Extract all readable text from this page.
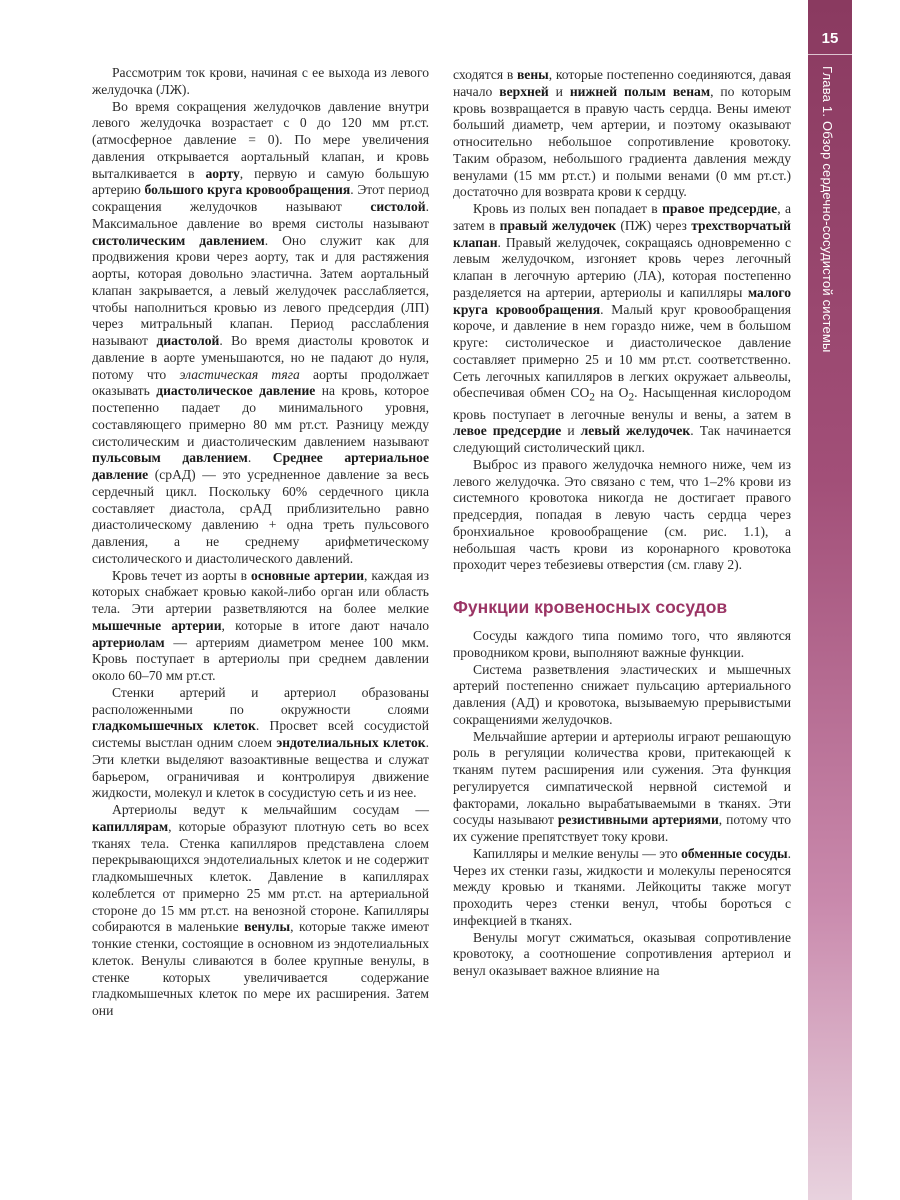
Рассмотрим ток крови, начиная с ее выхода из левого желудочка (ЛЖ).

Во время сокращения желудочков давление внутри левого желудочка возрастает с 0 до 120 мм рт.ст. (атмосферное давление = 0). По мере увеличения давления открывается аортальный клапан, и кровь выталкивается в аорту, первую и самую большую артерию большого круга кровообращения. Этот период сокращения желудочков называют систолой. Максимальное давление во время систолы называют систолическим давлением. Оно служит как для продвижения крови через аорту, так и для растяжения аорты, которая довольно эластична. Затем аортальный клапан закрывается, а левый желудочек расслабляется, чтобы наполниться кровью из левого предсердия (ЛП) через митральный клапан. Период расслабления называют диастолой. Во время диастолы кровоток и давление в аорте уменьшаются, но не падают до нуля, потому что эластическая тяга аорты продолжает оказывать диастолическое давление на кровь, которое постепенно падает до минимального уровня, составляющего примерно 80 мм рт.ст. Разницу между систолическим и диастолическим давлением называют пульсовым давлением. Среднее артериальное давление (срАД) — это усредненное давление за весь сердечный цикл. Поскольку 60% сердечного цикла составляет диастола, срАД приблизительно равно диастолическому давлению + одна треть пульсового давления, а не среднему арифметическому систолического и диастолического давлений.

Кровь течет из аорты в основные артерии, каждая из которых снабжает кровью какой-либо орган или область тела. Эти артерии разветвляются на более мелкие мышечные артерии, которые в итоге дают начало артериолам — артериям диаметром менее 100 мкм. Кровь поступает в артериолы при среднем давлении около 60–70 мм рт.ст.

Стенки артерий и артериол образованы расположенными по окружности слоями гладкомышечных клеток. Просвет всей сосудистой системы выстлан одним слоем эндотелиальных клеток. Эти клетки выделяют вазоактивные вещества и служат барьером, ограничивая и контролируя движение жидкости, молекул и клеток в сосудистую сеть и из нее.

Артериолы ведут к мельчайшим сосудам — капиллярам, которые образуют плотную сеть во всех тканях тела. Стенка капилляров представлена слоем перекрывающихся эндотелиальных клеток и не содержит гладкомышечных клеток. Давление в капиллярах колеблется от примерно 25 мм рт.ст. на артериальной стороне до 15 мм рт.ст. на венозной стороне. Капилляры собираются в маленькие венулы, которые также имеют тонкие стенки, состоящие в основном из эндотелиальных клеток. Венулы сливаются в более крупные венулы, в стенке которых увеличивается содержание гладкомышечных клеток по мере их расширения. Затем они

сходятся в вены, которые постепенно соединяются, давая начало верхней и нижней полым венам, по которым кровь возвращается в правую часть сердца. Вены имеют больший диаметр, чем артерии, и поэтому оказывают относительно небольшое сопротивление кровотоку. Таким образом, небольшого градиента давления между венулами (15 мм рт.ст.) и полыми венами (0 мм рт.ст.) достаточно для возврата крови к сердцу.

Кровь из полых вен попадает в правое предсердие, а затем в правый желудочек (ПЖ) через трехстворчатый клапан. Правый желудочек, сокращаясь одновременно с левым желудочком, изгоняет кровь через легочный клапан в легочную артерию (ЛА), которая постепенно разделяется на артерии, артериолы и капилляры малого круга кровообращения. Малый круг кровообращения короче, и давление в нем гораздо ниже, чем в большом круге: систолическое и диастолическое давление составляет примерно 25 и 10 мм рт.ст. соответственно. Сеть легочных капилляров в легких окружает альвеолы, обеспечивая обмен $CO_2$ на $O_2$. Насыщенная кислородом кровь поступает в легочные венулы и вены, а затем в левое предсердие и левый желудочек. Так начинается следующий систолический цикл.

Выброс из правого желудочка немного ниже, чем из левого желудочка. Это связано с тем, что 1–2% крови из системного кровотока никогда не достигает правого предсердия, попадая в левую часть сердца через бронхиальное кровообращение (см. рис. 1.1), а небольшая часть крови из коронарного кровотока проходит через тебезиевы отверстия (см. главу 2).

Функции кровеносных сосудов

Сосуды каждого типа помимо того, что являются проводником крови, выполняют важные функции.

Система разветвления эластических и мышечных артерий постепенно снижает пульсацию артериального давления (АД) и кровотока, вызываемую прерывистыми сокращениями желудочков.

Мельчайшие артерии и артериолы играют решающую роль в регуляции количества крови, притекающей к тканям путем расширения или сужения. Эта функция регулируется симпатической нервной системой и факторами, локально вырабатываемыми в тканях. Эти сосуды называют резистивными артериями, потому что их сужение препятствует току крови.

Капилляры и мелкие венулы — это обменные сосуды. Через их стенки газы, жидкости и молекулы переносятся между кровью и тканями. Лейкоциты также могут проходить через стенки венул, чтобы бороться с инфекцией в тканях.

Венулы могут сжиматься, оказывая сопротивление кровотоку, а соотношение сопротивления артериол и венул оказывает важное влияние на

15
Глава 1. Обзор сердечно-сосудистой системы
